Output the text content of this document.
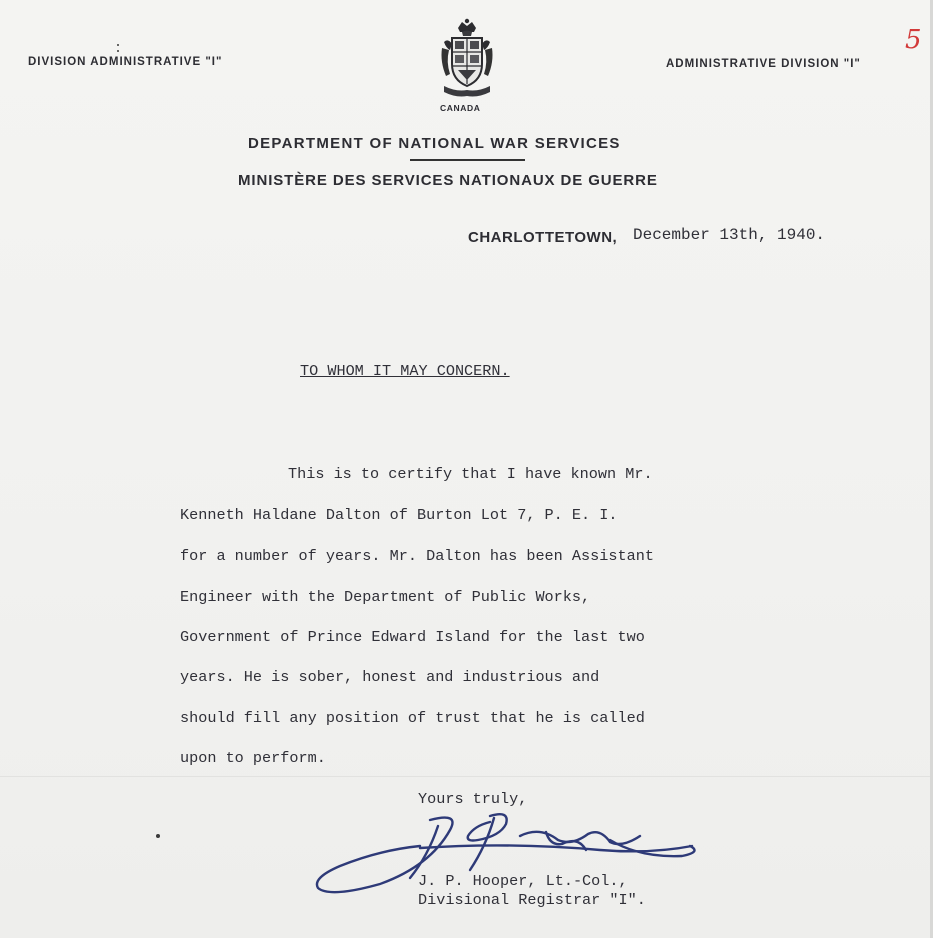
DIVISION ADMINISTRATIVE "I"	ADMINISTRATIVE DIVISION "I"
CANADA
DEPARTMENT OF NATIONAL WAR SERVICES
MINISTÈRE DES SERVICES NATIONAUX DE GUERRE
CHARLOTTETOWN, December 13th, 1940.
5
TO WHOM IT MAY CONCERN.
This is to certify that I have known Mr.
Kenneth Haldane Dalton of Burton Lot 7, P. E. I.
for a number of years. Mr. Dalton has been Assistant
Engineer with the Department of Public Works,
Government of Prince Edward Island for the last two
years. He is sober, honest and industrious and
should fill any position of trust that he is called
upon to perform.
Yours truly,
J. P. Hooper, Lt.-Col.,
Divisional Registrar "I".
